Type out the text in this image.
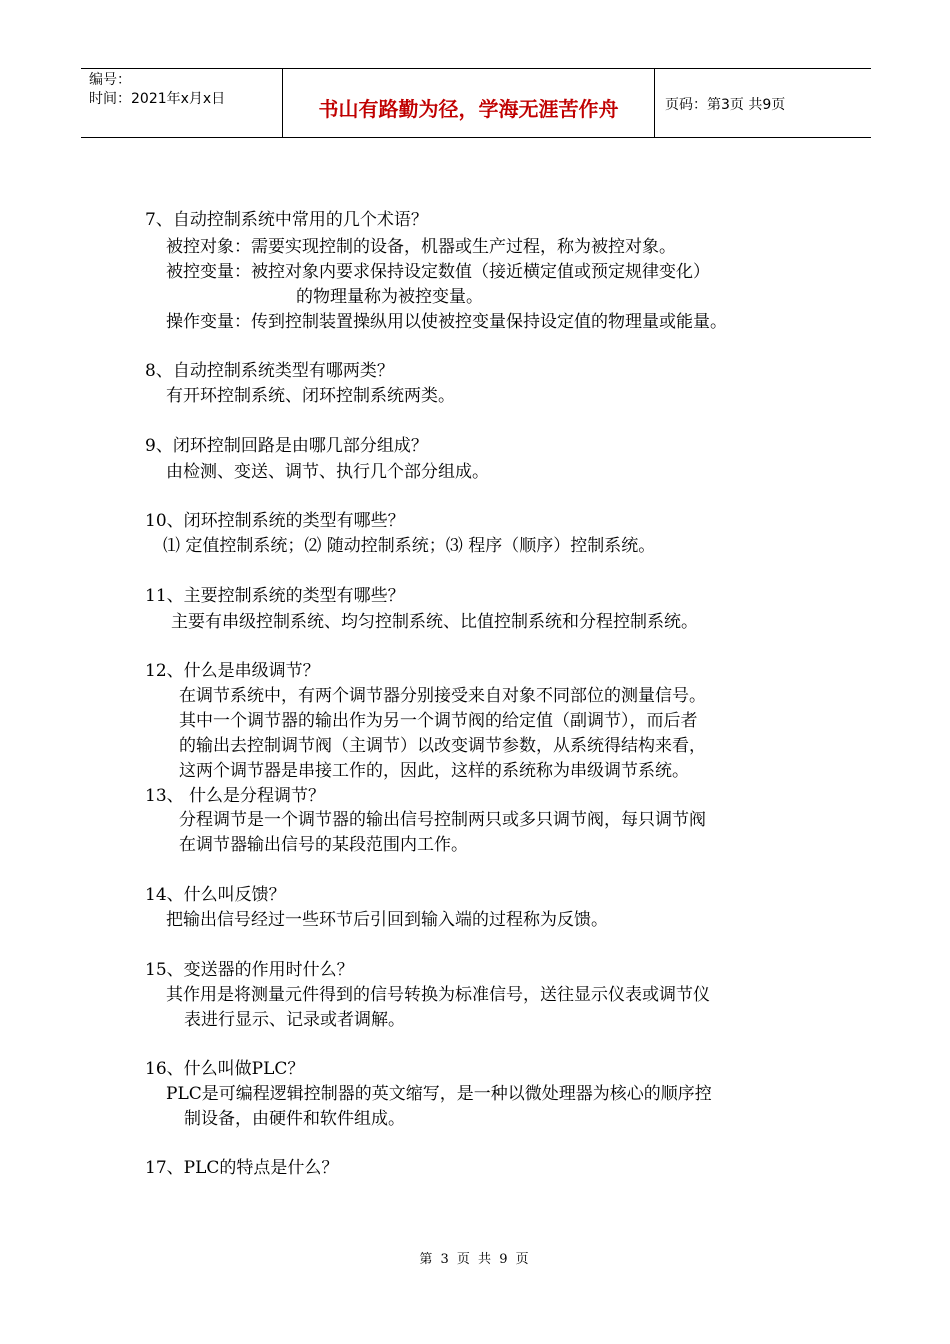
编号：
时间：2021年x月x日	书山有路勤为径，学海无涯苦作舟	页码：第3页 共9页
7、自动控制系统中常用的几个术语？
被控对象：需要实现控制的设备，机器或生产过程，称为被控对象。
被控变量：被控对象内要求保持设定数值（接近横定值或预定规律变化）
的物理量称为被控变量。
操作变量：传到控制装置操纵用以使被控变量保持设定值的物理量或能量。
8、自动控制系统类型有哪两类？
有开环控制系统、闭环控制系统两类。
9、闭环控制回路是由哪几部分组成？
由检测、变送、调节、执行几个部分组成。
10、闭环控制系统的类型有哪些？
⑴ 定值控制系统；⑵ 随动控制系统；⑶ 程序（顺序）控制系统。
11、主要控制系统的类型有哪些？
主要有串级控制系统、均匀控制系统、比值控制系统和分程控制系统。
12、什么是串级调节？
在调节系统中，有两个调节器分别接受来自对象不同部位的测量信号。
其中一个调节器的输出作为另一个调节阀的给定值（副调节），而后者
的输出去控制调节阀（主调节）以改变调节参数，从系统得结构来看，
这两个调节器是串接工作的，因此，这样的系统称为串级调节系统。
13、 什么是分程调节？
分程调节是一个调节器的输出信号控制两只或多只调节阀，每只调节阀
在调节器输出信号的某段范围内工作。
14、什么叫反馈？
把输出信号经过一些环节后引回到输入端的过程称为反馈。
15、变送器的作用时什么？
其作用是将测量元件得到的信号转换为标准信号，送往显示仪表或调节仪
表进行显示、记录或者调解。
16、什么叫做PLC？
PLC是可编程逻辑控制器的英文缩写，是一种以微处理器为核心的顺序控
制设备，由硬件和软件组成。
17、PLC的特点是什么？
第 3 页 共 9 页
